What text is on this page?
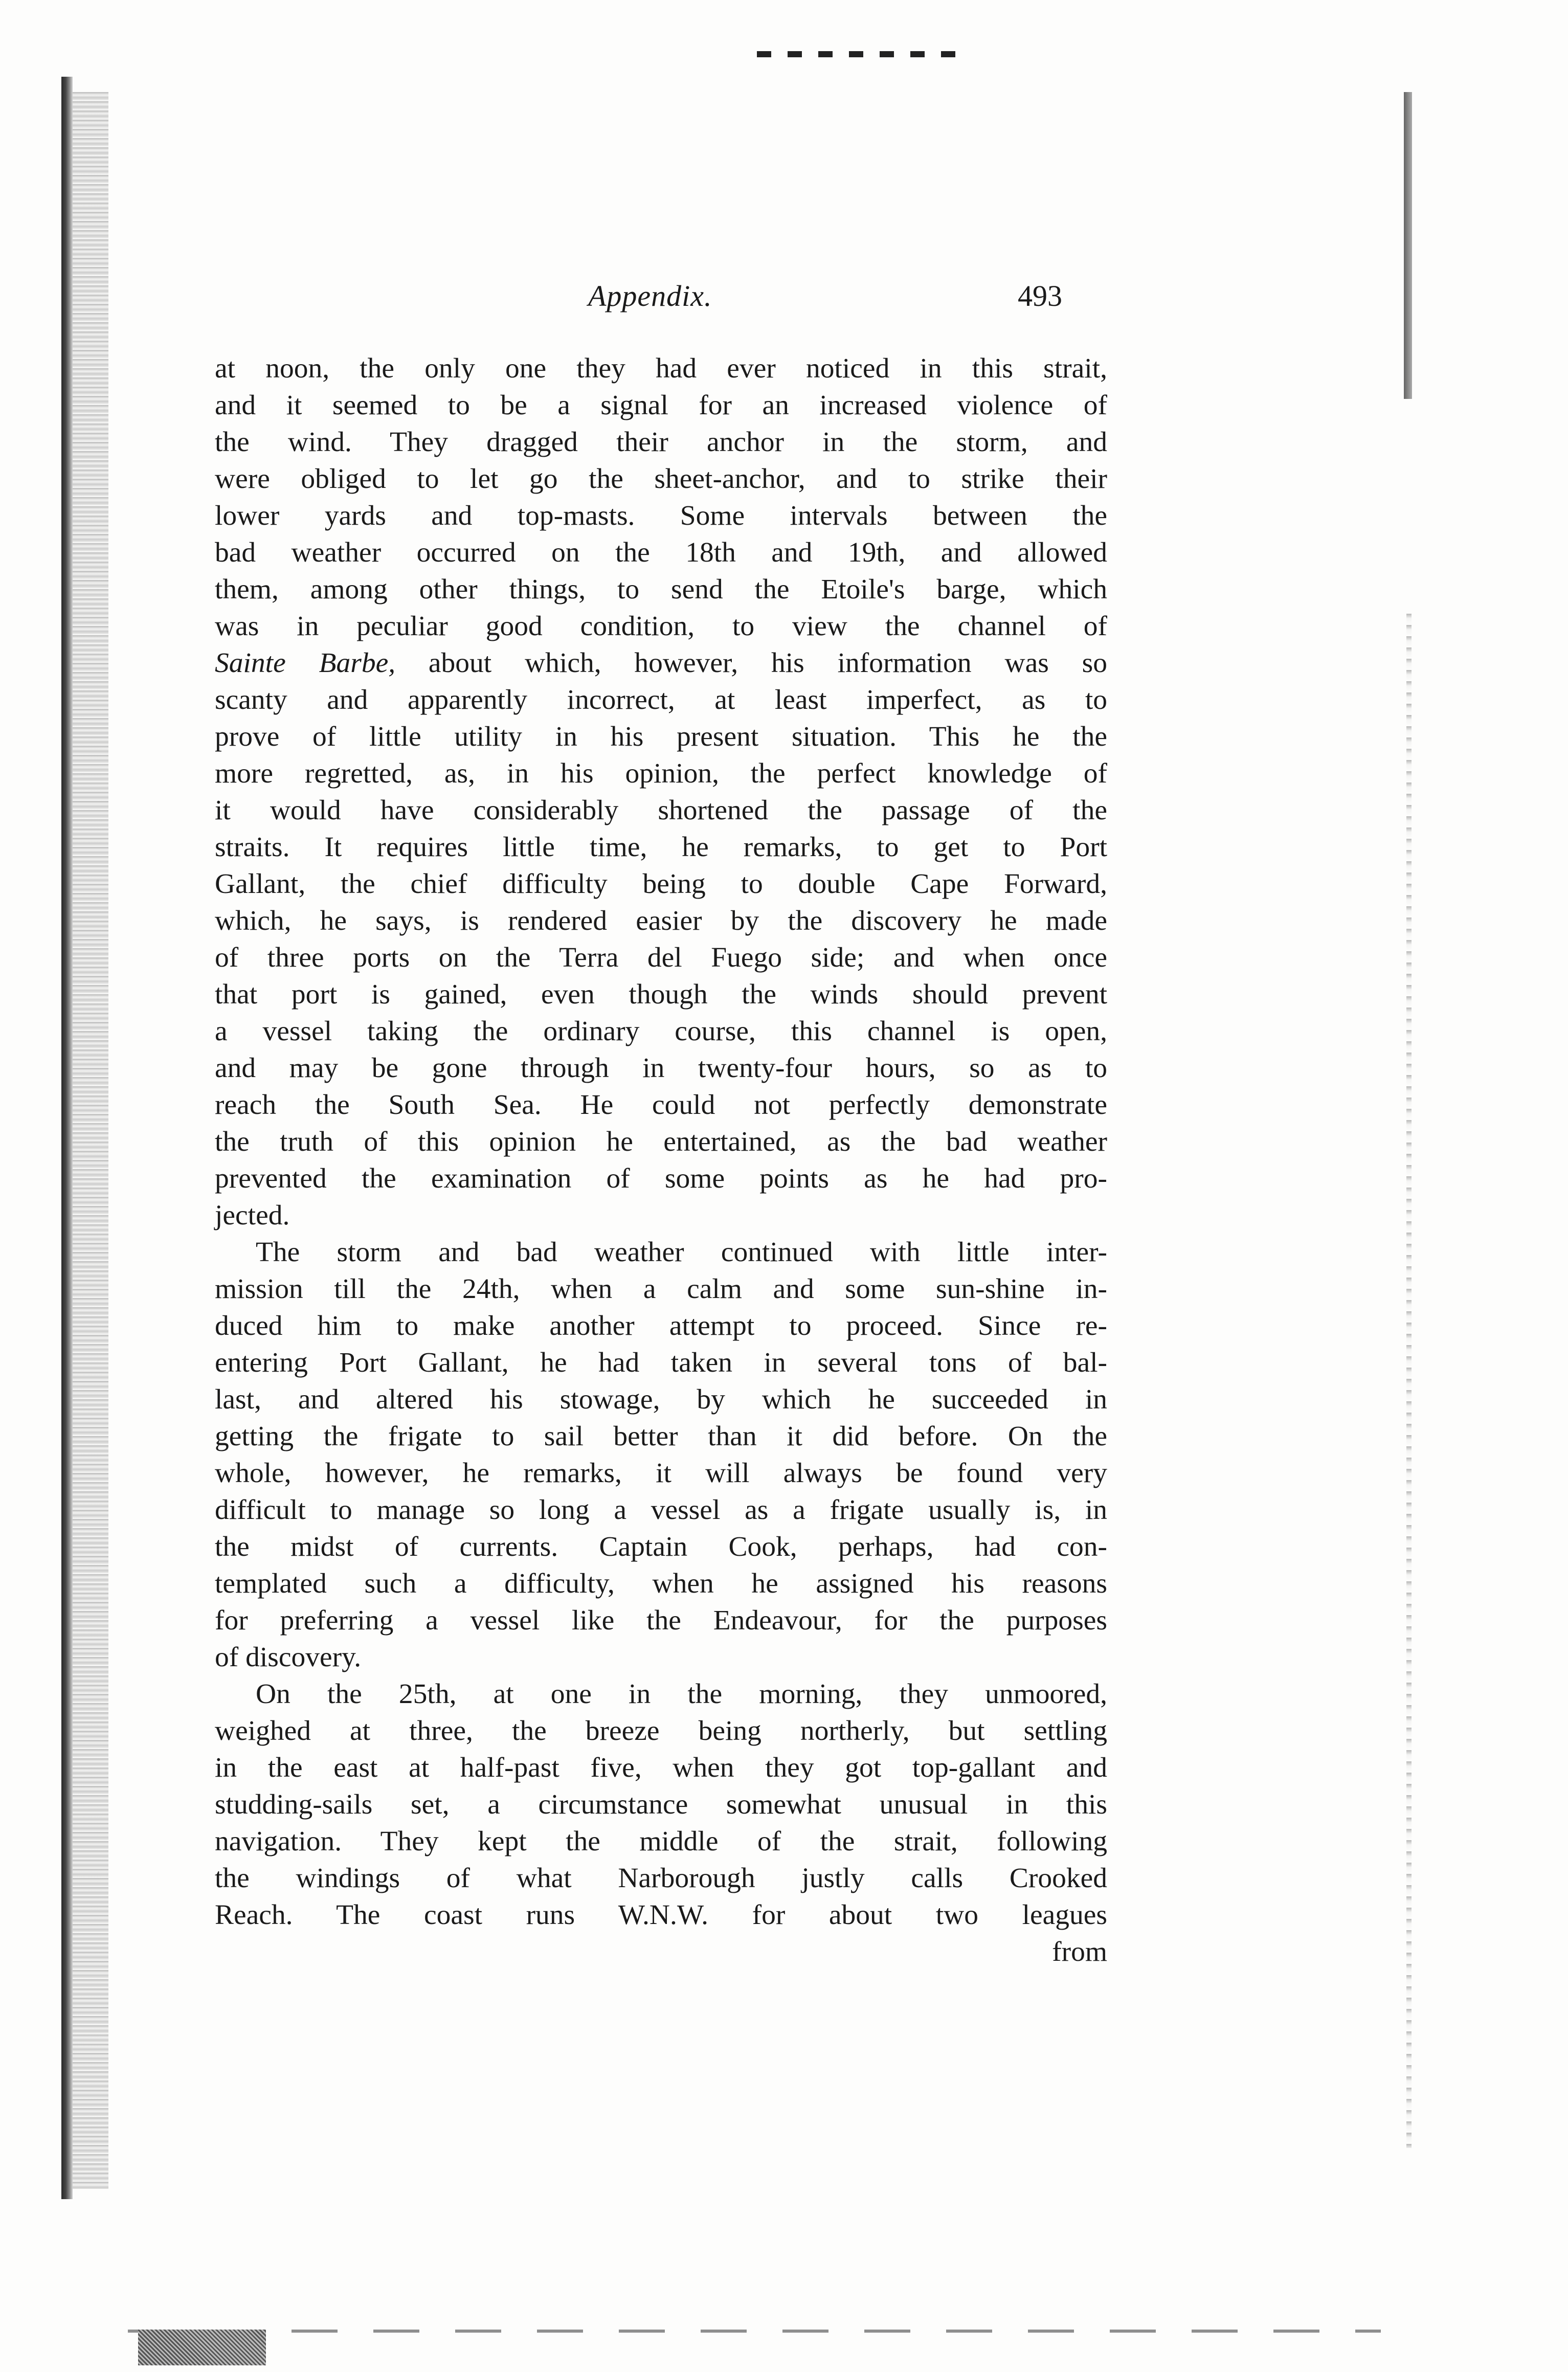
Appendix.	493
at noon, the only one they had ever noticed in this strait,
and it seemed to be a signal for an increased violence of
the wind. They dragged their anchor in the storm, and
were obliged to let go the sheet-anchor, and to strike their
lower yards and top-masts. Some intervals between the
bad weather occurred on the 18th and 19th, and allowed
them, among other things, to send the Etoile's barge, which
was in peculiar good condition, to view the channel of
Sainte Barbe, about which, however, his information was so
scanty and apparently incorrect, at least imperfect, as to
prove of little utility in his present situation. This he the
more regretted, as, in his opinion, the perfect knowledge of
it would have considerably shortened the passage of the
straits. It requires little time, he remarks, to get to Port
Gallant, the chief difficulty being to double Cape Forward,
which, he says, is rendered easier by the discovery he made
of three ports on the Terra del Fuego side; and when once
that port is gained, even though the winds should prevent
a vessel taking the ordinary course, this channel is open,
and may be gone through in twenty-four hours, so as to
reach the South Sea. He could not perfectly demonstrate
the truth of this opinion he entertained, as the bad weather
prevented the examination of some points as he had pro-
jected.
The storm and bad weather continued with little inter-
mission till the 24th, when a calm and some sun-shine in-
duced him to make another attempt to proceed. Since re-
entering Port Gallant, he had taken in several tons of bal-
last, and altered his stowage, by which he succeeded in
getting the frigate to sail better than it did before. On the
whole, however, he remarks, it will always be found very
difficult to manage so long a vessel as a frigate usually is, in
the midst of currents. Captain Cook, perhaps, had con-
templated such a difficulty, when he assigned his reasons
for preferring a vessel like the Endeavour, for the purposes
of discovery.
On the 25th, at one in the morning, they unmoored,
weighed at three, the breeze being northerly, but settling
in the east at half-past five, when they got top-gallant and
studding-sails set, a circumstance somewhat unusual in this
navigation. They kept the middle of the strait, following
the windings of what Narborough justly calls Crooked
Reach. The coast runs W.N.W. for about two leagues
from
